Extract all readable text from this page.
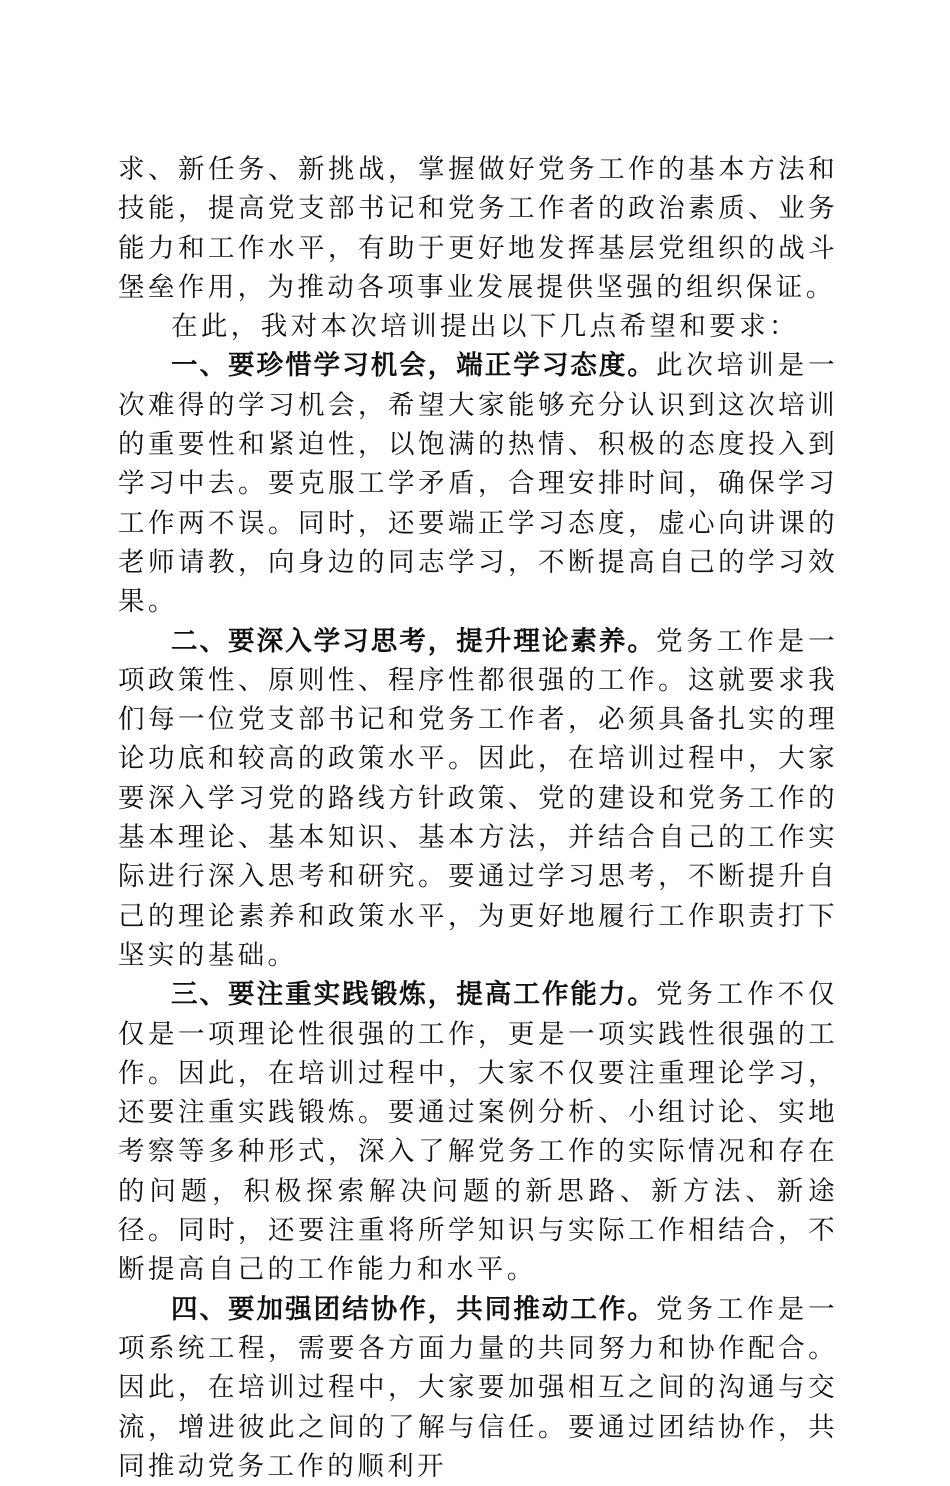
求、新任务、新挑战，掌握做好党务工作的基本方法和技能，提高党支部书记和党务工作者的政治素质、业务能力和工作水平，有助于更好地发挥基层党组织的战斗堡垒作用，为推动各项事业发展提供坚强的组织保证。

在此，我对本次培训提出以下几点希望和要求：

一、要珍惜学习机会，端正学习态度。此次培训是一次难得的学习机会，希望大家能够充分认识到这次培训的重要性和紧迫性，以饱满的热情、积极的态度投入到学习中去。要克服工学矛盾，合理安排时间，确保学习工作两不误。同时，还要端正学习态度，虚心向讲课的老师请教，向身边的同志学习，不断提高自己的学习效果。

二、要深入学习思考，提升理论素养。党务工作是一项政策性、原则性、程序性都很强的工作。这就要求我们每一位党支部书记和党务工作者，必须具备扎实的理论功底和较高的政策水平。因此，在培训过程中，大家要深入学习党的路线方针政策、党的建设和党务工作的基本理论、基本知识、基本方法，并结合自己的工作实际进行深入思考和研究。要通过学习思考，不断提升自己的理论素养和政策水平，为更好地履行工作职责打下坚实的基础。

三、要注重实践锻炼，提高工作能力。党务工作不仅仅是一项理论性很强的工作，更是一项实践性很强的工作。因此，在培训过程中，大家不仅要注重理论学习，还要注重实践锻炼。要通过案例分析、小组讨论、实地考察等多种形式，深入了解党务工作的实际情况和存在的问题，积极探索解决问题的新思路、新方法、新途径。同时，还要注重将所学知识与实际工作相结合，不断提高自己的工作能力和水平。

四、要加强团结协作，共同推动工作。党务工作是一项系统工程，需要各方面力量的共同努力和协作配合。因此，在培训过程中，大家要加强相互之间的沟通与交流，增进彼此之间的了解与信任。要通过团结协作，共同推动党务工作的顺利开
